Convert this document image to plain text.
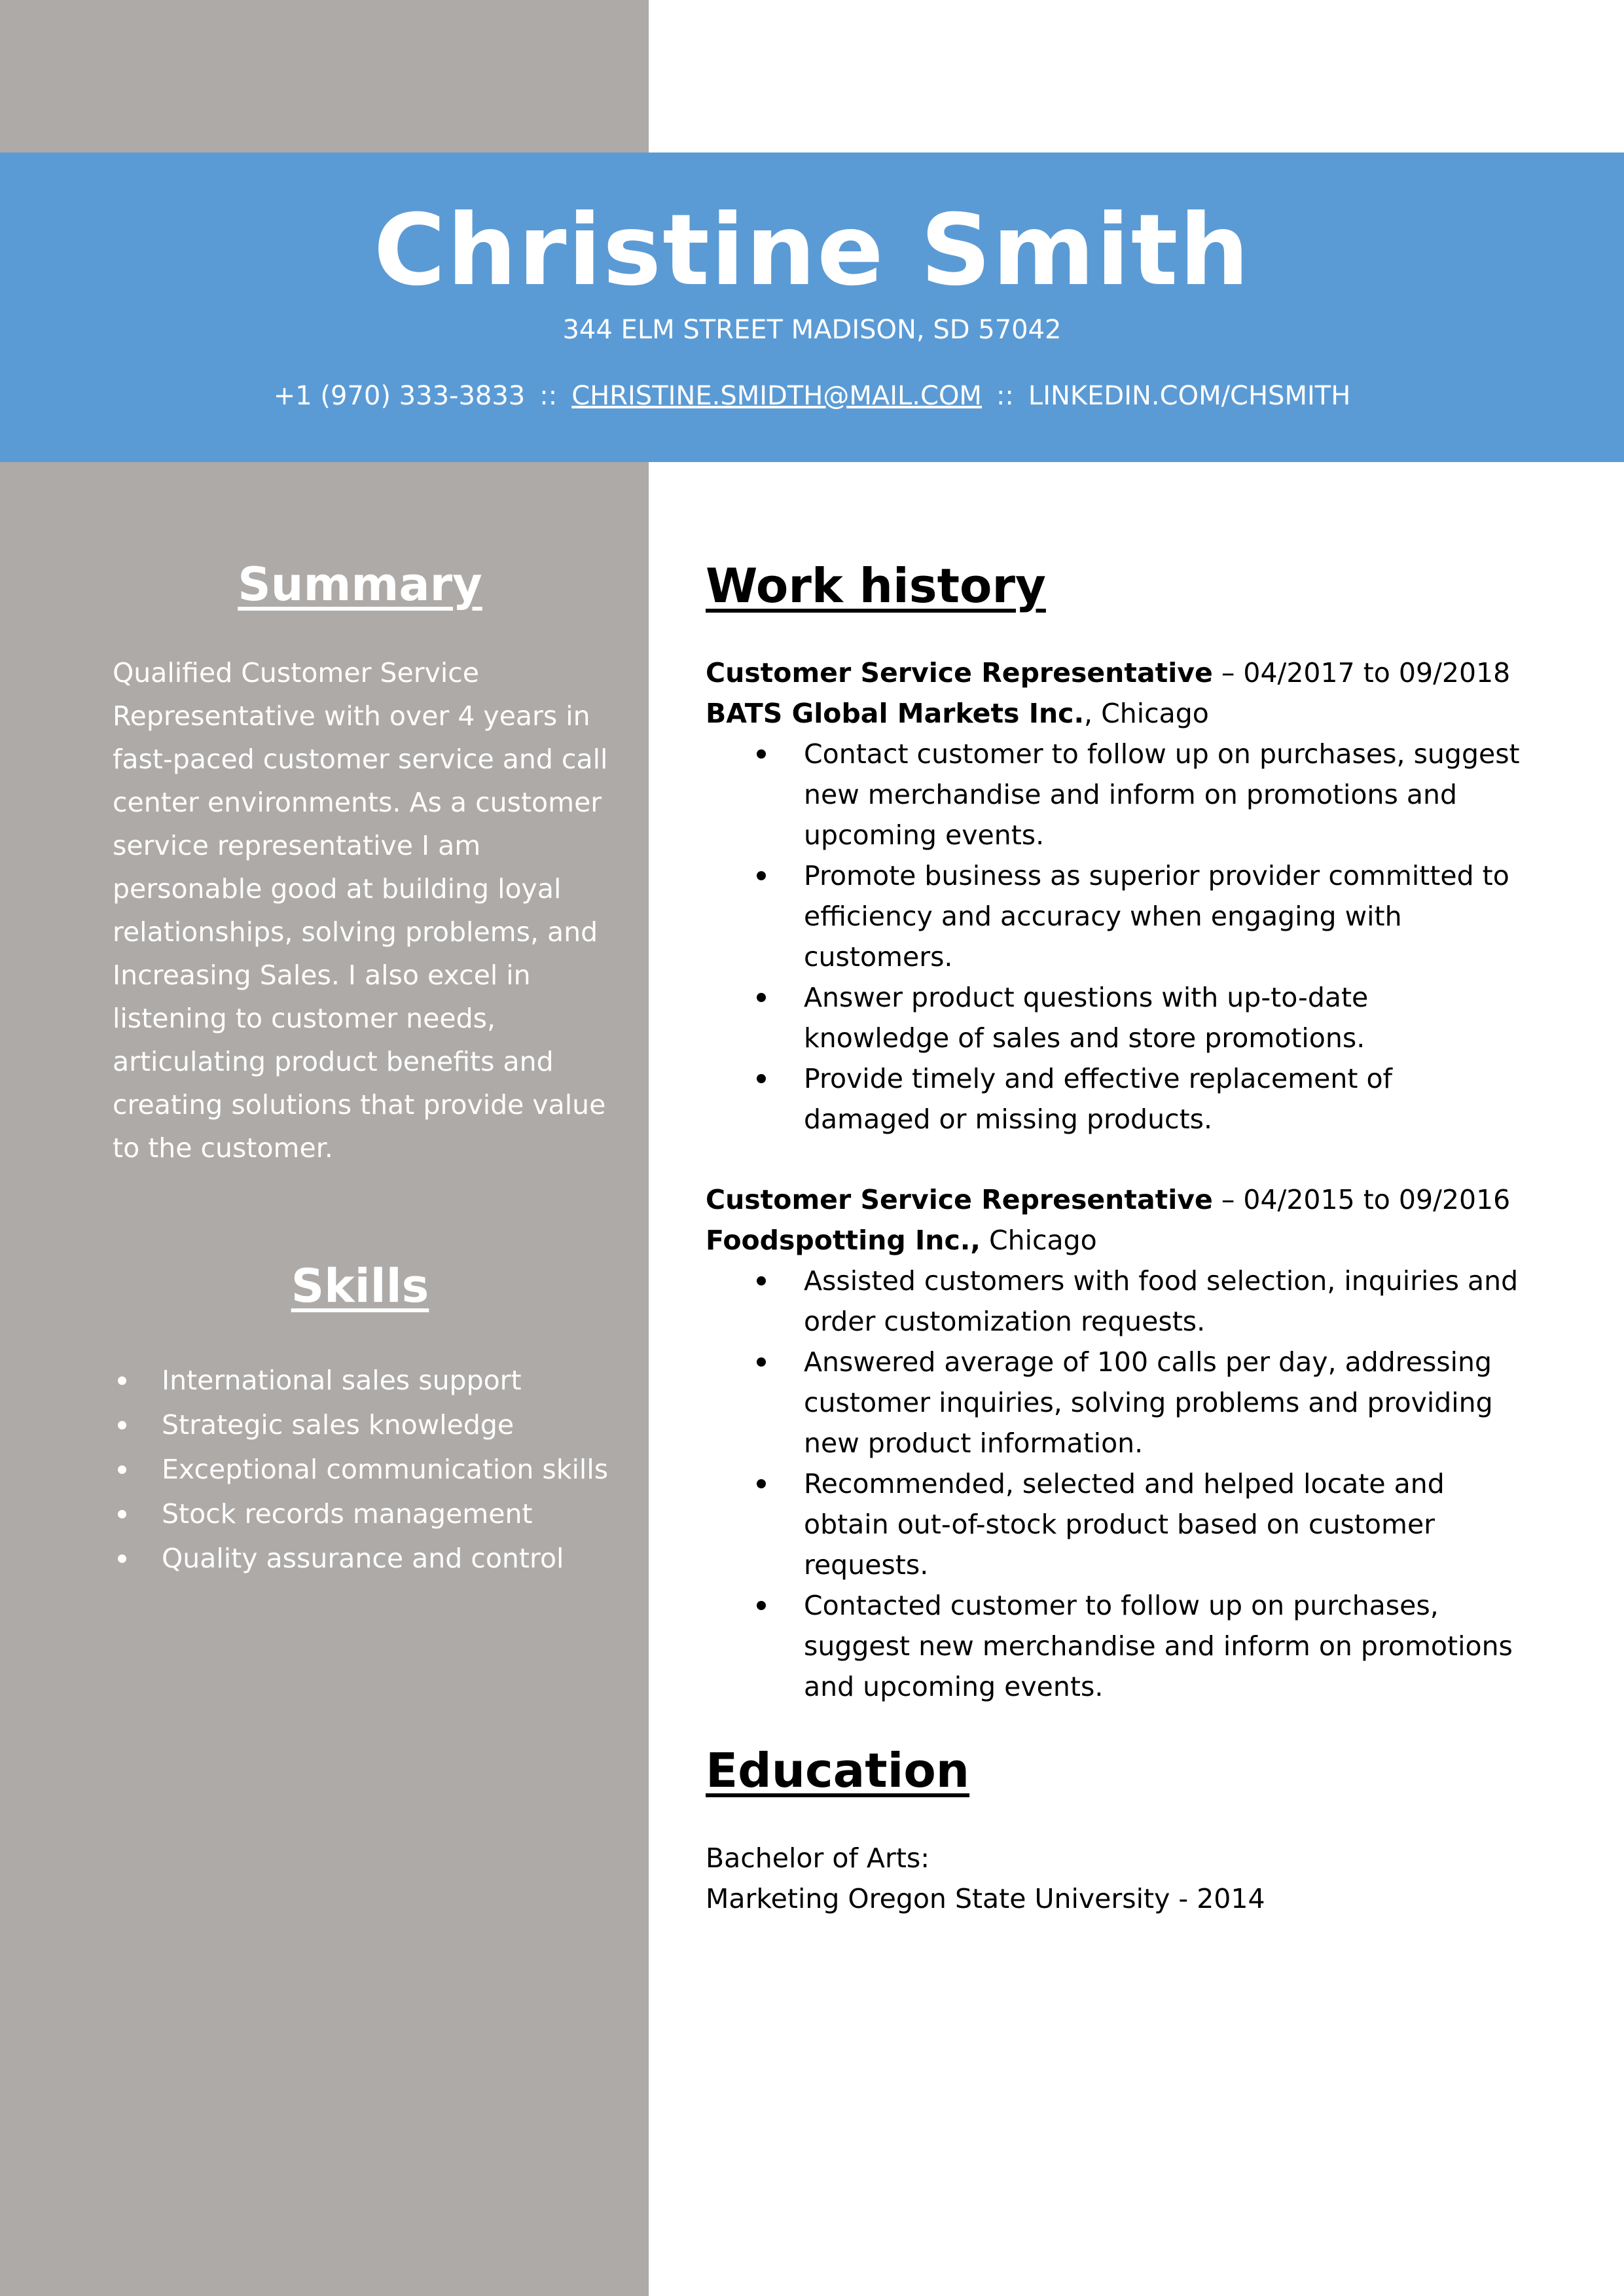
Christine Smith
344 ELM STREET MADISON, SD 57042
+1 (970) 333-3833 :: CHRISTINE.SMIDTH@MAIL.COM :: LINKEDIN.COM/CHSMITH
Summary
Qualified Customer Service
Representative with over 4 years in
fast-paced customer service and call
center environments. As a customer
service representative I am
personable good at building loyal
relationships, solving problems, and
Increasing Sales. I also excel in
listening to customer needs,
articulating product benefits and
creating solutions that provide value
to the customer.
Skills
International sales support
Strategic sales knowledge
Exceptional communication skills
Stock records management
Quality assurance and control
Work history
Customer Service Representative – 04/2017 to 09/2018
BATS Global Markets Inc., Chicago
Contact customer to follow up on purchases, suggest
new merchandise and inform on promotions and
upcoming events.
Promote business as superior provider committed to
efficiency and accuracy when engaging with
customers.
Answer product questions with up-to-date
knowledge of sales and store promotions.
Provide timely and effective replacement of
damaged or missing products.
Customer Service Representative – 04/2015 to 09/2016
Foodspotting Inc., Chicago
Assisted customers with food selection, inquiries and
order customization requests.
Answered average of 100 calls per day, addressing
customer inquiries, solving problems and providing
new product information.
Recommended, selected and helped locate and
obtain out-of-stock product based on customer
requests.
Contacted customer to follow up on purchases,
suggest new merchandise and inform on promotions
and upcoming events.
Education
Bachelor of Arts:
Marketing Oregon State University - 2014
